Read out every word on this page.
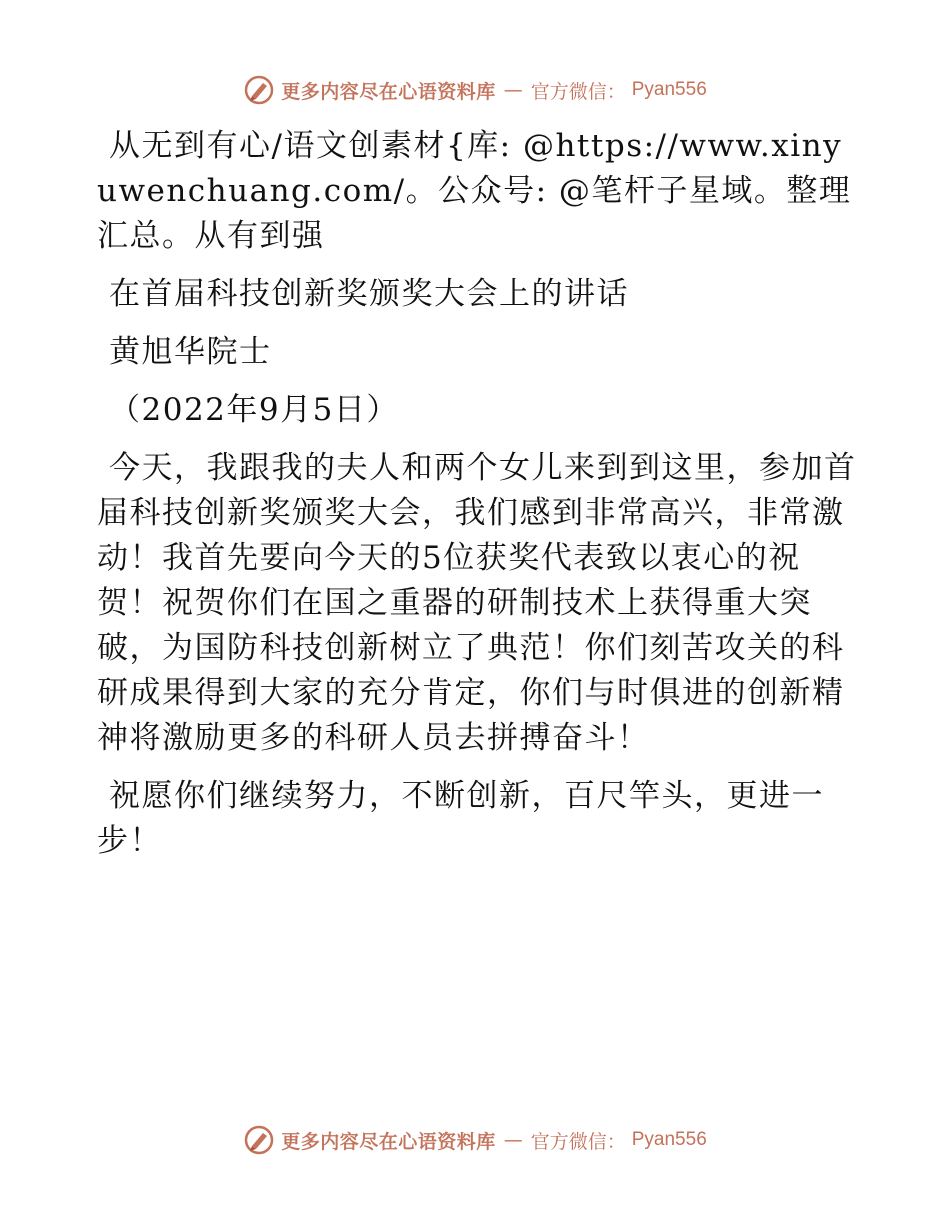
更多内容尽在心语资料库 — 官方微信： Pyan556

从无到有心/语文创素材{库: @https://www.xinyuwenchuang.com/。公众号: @笔杆子星域。整理汇总。从有到强

在首届科技创新奖颁奖大会上的讲话

黄旭华院士

（2022年9月5日）

今天，我跟我的夫人和两个女儿来到到这里，参加首届科技创新奖颁奖大会，我们感到非常高兴，非常激动！我首先要向今天的5位获奖代表致以衷心的祝贺！祝贺你们在国之重器的研制技术上获得重大突破，为国防科技创新树立了典范！你们刻苦攻关的科研成果得到大家的充分肯定，你们与时俱进的创新精神将激励更多的科研人员去拼搏奋斗！

祝愿你们继续努力，不断创新，百尺竿头，更进一步！

更多内容尽在心语资料库 — 官方微信： Pyan556
